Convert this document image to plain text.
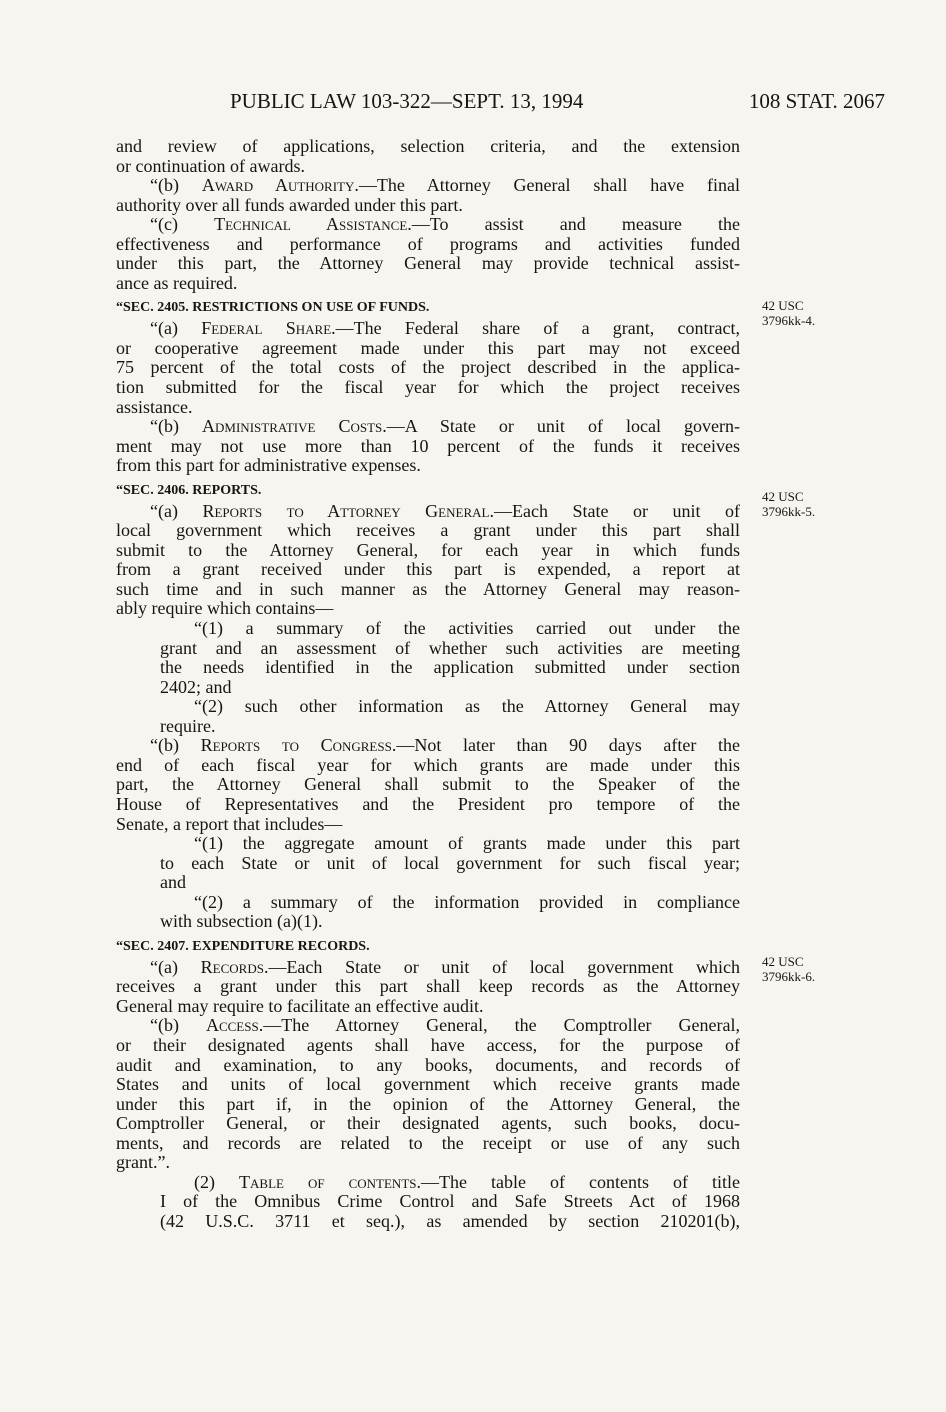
PUBLIC LAW 103-322—SEPT. 13, 1994	108 STAT. 2067
42 USC
3796kk-4.
42 USC
3796kk-5.
42 USC
3796kk-6.
and review of applications, selection criteria, and the extension
or continuation of awards.
“(b) Award Authority.—The Attorney General shall have final
authority over all funds awarded under this part.
“(c) Technical Assistance.—To assist and measure the
effectiveness and performance of programs and activities funded
under this part, the Attorney General may provide technical assist-
ance as required.
“SEC. 2405. RESTRICTIONS ON USE OF FUNDS.
“(a) Federal Share.—The Federal share of a grant, contract,
or cooperative agreement made under this part may not exceed
75 percent of the total costs of the project described in the applica-
tion submitted for the fiscal year for which the project receives
assistance.
“(b) Administrative Costs.—A State or unit of local govern-
ment may not use more than 10 percent of the funds it receives
from this part for administrative expenses.
“SEC. 2406. REPORTS.
“(a) Reports to Attorney General.—Each State or unit of
local government which receives a grant under this part shall
submit to the Attorney General, for each year in which funds
from a grant received under this part is expended, a report at
such time and in such manner as the Attorney General may reason-
ably require which contains—
“(1) a summary of the activities carried out under the
grant and an assessment of whether such activities are meeting
the needs identified in the application submitted under section
2402; and
“(2) such other information as the Attorney General may
require.
“(b) Reports to Congress.—Not later than 90 days after the
end of each fiscal year for which grants are made under this
part, the Attorney General shall submit to the Speaker of the
House of Representatives and the President pro tempore of the
Senate, a report that includes—
“(1) the aggregate amount of grants made under this part
to each State or unit of local government for such fiscal year;
and
“(2) a summary of the information provided in compliance
with subsection (a)(1).
“SEC. 2407. EXPENDITURE RECORDS.
“(a) Records.—Each State or unit of local government which
receives a grant under this part shall keep records as the Attorney
General may require to facilitate an effective audit.
“(b) Access.—The Attorney General, the Comptroller General,
or their designated agents shall have access, for the purpose of
audit and examination, to any books, documents, and records of
States and units of local government which receive grants made
under this part if, in the opinion of the Attorney General, the
Comptroller General, or their designated agents, such books, docu-
ments, and records are related to the receipt or use of any such
grant.”.
(2) Table of contents.—The table of contents of title
I of the Omnibus Crime Control and Safe Streets Act of 1968
(42 U.S.C. 3711 et seq.), as amended by section 210201(b),
